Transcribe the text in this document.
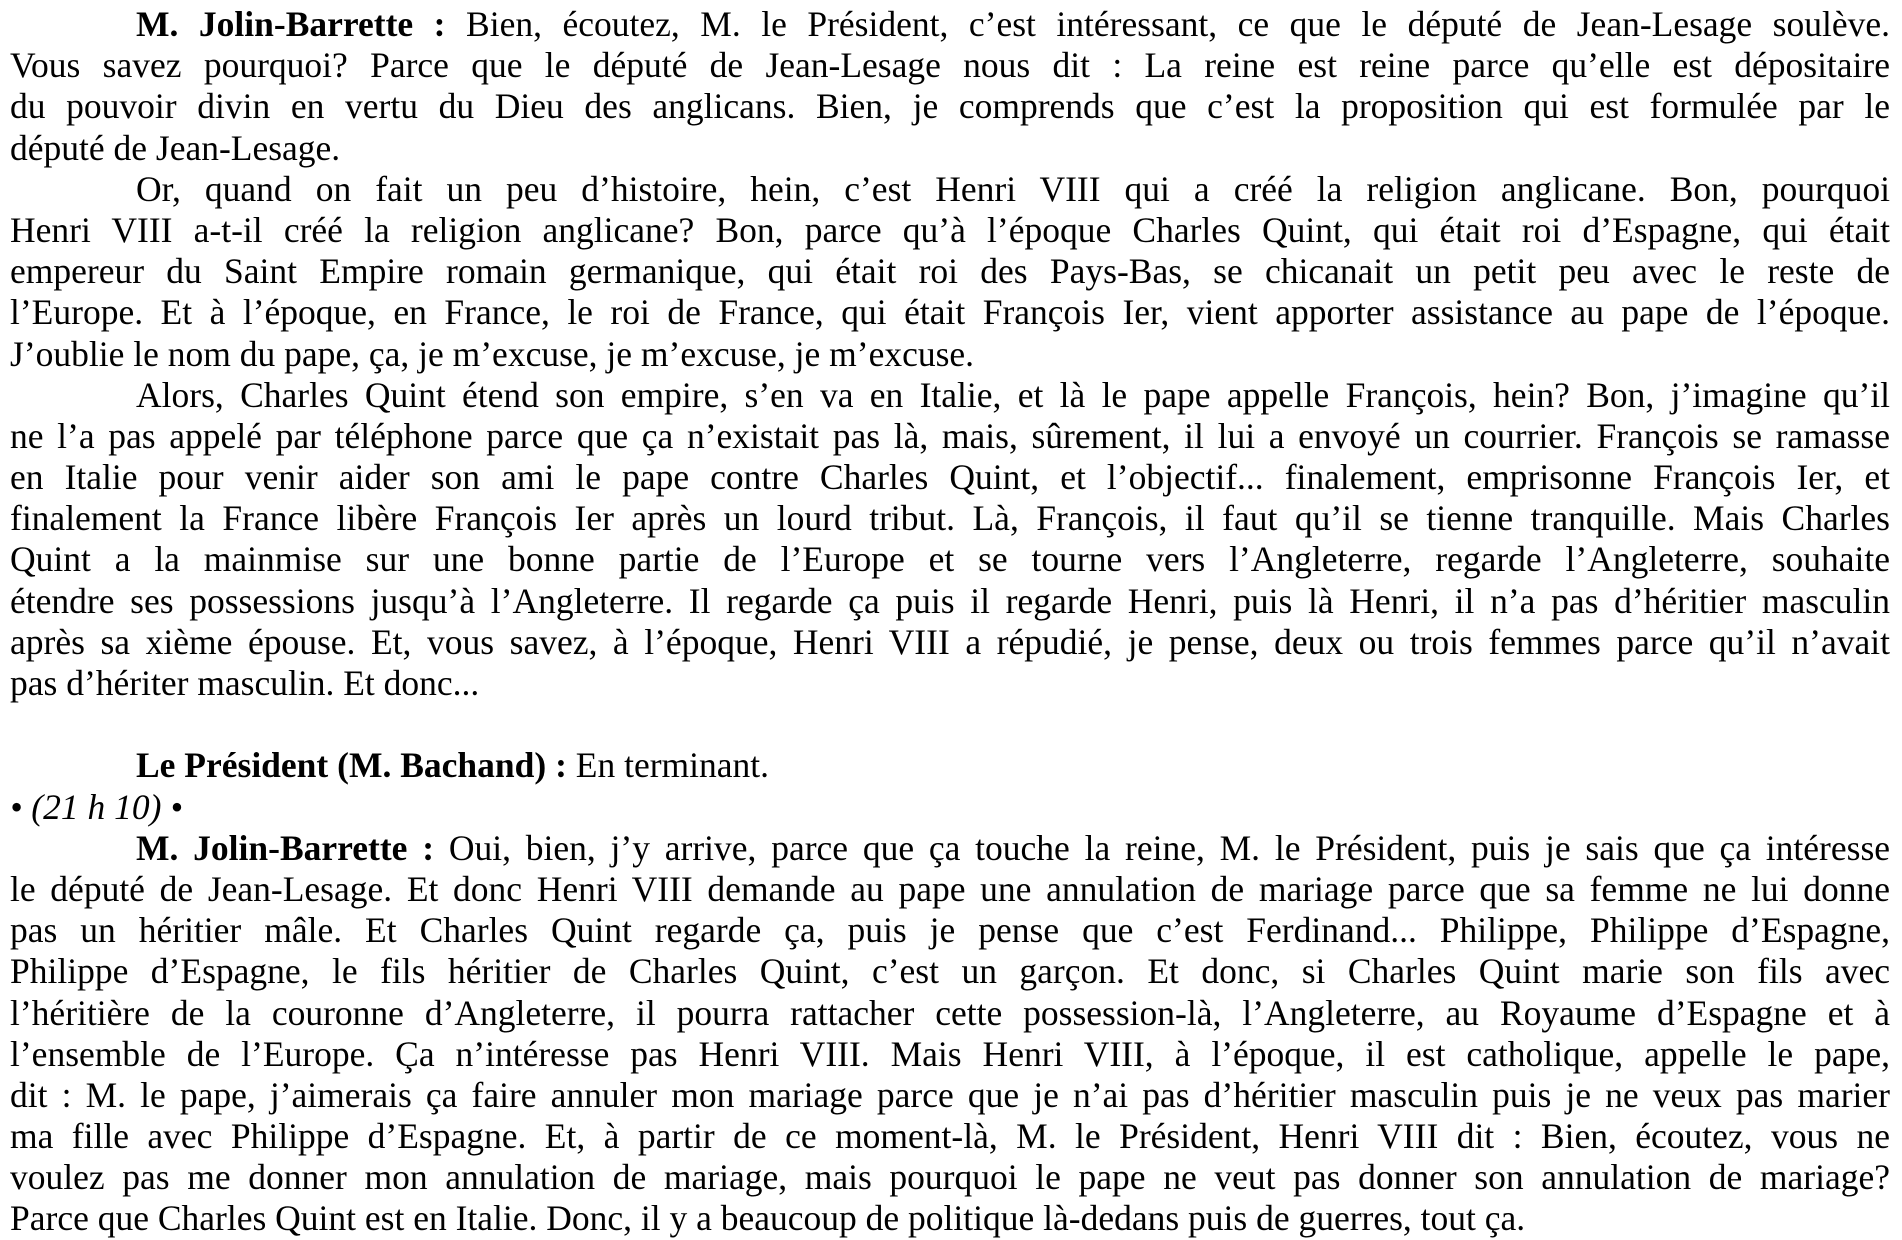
M. Jolin-Barrette : Bien, écoutez, M. le Président, c’est intéressant, ce que le député de Jean-Lesage soulève.
Vous savez pourquoi? Parce que le député de Jean-Lesage nous dit : La reine est reine parce qu’elle est dépositaire
du pouvoir divin en vertu du Dieu des anglicans. Bien, je comprends que c’est la proposition qui est formulée par le
député de Jean-Lesage.
Or, quand on fait un peu d’histoire, hein, c’est Henri VIII qui a créé la religion anglicane. Bon, pourquoi
Henri VIII a-t-il créé la religion anglicane? Bon, parce qu’à l’époque Charles Quint, qui était roi d’Espagne, qui était
empereur du Saint Empire romain germanique, qui était roi des Pays-Bas, se chicanait un petit peu avec le reste de
l’Europe. Et à l’époque, en France, le roi de France, qui était François Ier, vient apporter assistance au pape de l’époque.
J’oublie le nom du pape, ça, je m’excuse, je m’excuse, je m’excuse.
Alors, Charles Quint étend son empire, s’en va en Italie, et là le pape appelle François, hein? Bon, j’imagine qu’il
ne l’a pas appelé par téléphone parce que ça n’existait pas là, mais, sûrement, il lui a envoyé un courrier. François se ramasse
en Italie pour venir aider son ami le pape contre Charles Quint, et l’objectif... finalement, emprisonne François Ier, et
finalement la France libère François Ier après un lourd tribut. Là, François, il faut qu’il se tienne tranquille. Mais Charles
Quint a la mainmise sur une bonne partie de l’Europe et se tourne vers l’Angleterre, regarde l’Angleterre, souhaite
étendre ses possessions jusqu’à l’Angleterre. Il regarde ça puis il regarde Henri, puis là Henri, il n’a pas d’héritier masculin
après sa xième épouse. Et, vous savez, à l’époque, Henri VIII a répudié, je pense, deux ou trois femmes parce qu’il n’avait
pas d’hériter masculin. Et donc...
Le Président (M. Bachand) : En terminant.
• (21 h 10) •
M. Jolin-Barrette : Oui, bien, j’y arrive, parce que ça touche la reine, M. le Président, puis je sais que ça intéresse
le député de Jean-Lesage. Et donc Henri VIII demande au pape une annulation de mariage parce que sa femme ne lui donne
pas un héritier mâle. Et Charles Quint regarde ça, puis je pense que c’est Ferdinand... Philippe, Philippe d’Espagne,
Philippe d’Espagne, le fils héritier de Charles Quint, c’est un garçon. Et donc, si Charles Quint marie son fils avec
l’héritière de la couronne d’Angleterre, il pourra rattacher cette possession-là, l’Angleterre, au Royaume d’Espagne et à
l’ensemble de l’Europe. Ça n’intéresse pas Henri VIII. Mais Henri VIII, à l’époque, il est catholique, appelle le pape,
dit : M. le pape, j’aimerais ça faire annuler mon mariage parce que je n’ai pas d’héritier masculin puis je ne veux pas marier
ma fille avec Philippe d’Espagne. Et, à partir de ce moment-là, M. le Président, Henri VIII dit : Bien, écoutez, vous ne
voulez pas me donner mon annulation de mariage, mais pourquoi le pape ne veut pas donner son annulation de mariage?
Parce que Charles Quint est en Italie. Donc, il y a beaucoup de politique là-dedans puis de guerres, tout ça.
